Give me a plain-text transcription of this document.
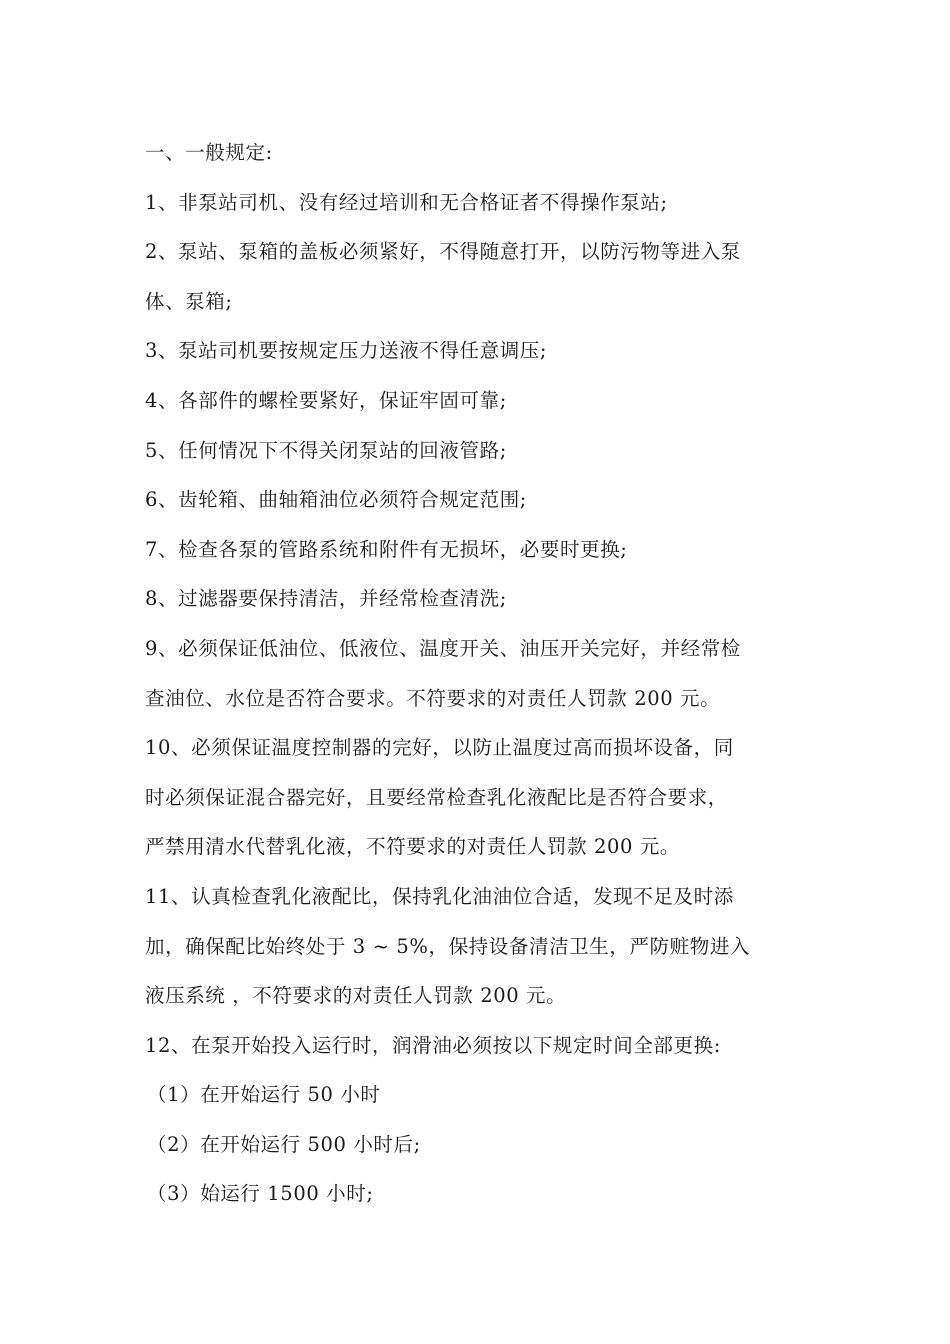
一、一般规定:
1、非泵站司机、没有经过培训和无合格证者不得操作泵站;
2、泵站、泵箱的盖板必须紧好，不得随意打开，以防污物等进入泵
体、泵箱;
3、泵站司机要按规定压力送液不得任意调压;
4、各部件的螺栓要紧好，保证牢固可靠;
5、任何情况下不得关闭泵站的回液管路;
6、齿轮箱、曲轴箱油位必须符合规定范围;
7、检查各泵的管路系统和附件有无损坏，必要时更换;
8、过滤器要保持清洁，并经常检查清洗;
9、必须保证低油位、低液位、温度开关、油压开关完好，并经常检
查油位、水位是否符合要求。不符要求的对责任人罚款 200 元。
10、必须保证温度控制器的完好，以防止温度过高而损坏设备，同
时必须保证混合器完好，且要经常检查乳化液配比是否符合要求，
严禁用清水代替乳化液，不符要求的对责任人罚款 200 元。
11、认真检查乳化液配比，保持乳化油油位合适，发现不足及时添
加，确保配比始终处于 3 ~ 5%，保持设备清洁卫生，严防赃物进入
液压系统 ，不符要求的对责任人罚款 200 元。
12、在泵开始投入运行时，润滑油必须按以下规定时间全部更换:
（1）在开始运行 50 小时
（2）在开始运行 500 小时后;
（3）始运行 1500 小时;
